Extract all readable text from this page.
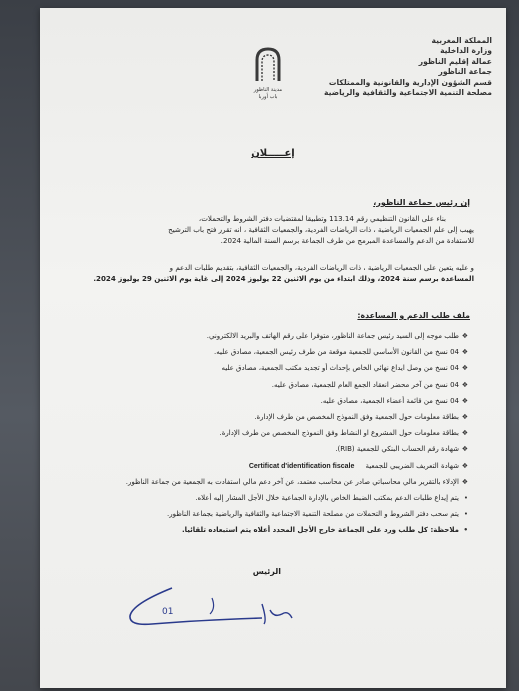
المملكة المغربية
وزارة الداخلية
عمالة إقليم الناظور
جماعة الناظور
قسم الشؤون الإدارية والقانونية والممتلكات
مصلحة التنمية الاجتماعية والثقافية والرياضية
مدينة الناظور
باب أوربا
إعـــــلان
إن رئيس جماعة الناظور،
بناء على القانون التنظيمي رقم 113.14 وتطبيقا لمقتضيات دفتر الشروط والتحملات،
يهيب إلى علم الجمعيات الرياضية ، ذات الرياضات الفردية، والجمعيات الثقافية ، انه تقرر فتح باب الترشيح
للاستفادة من الدعم والمساعدة المبرمج من طرف الجماعة برسم السنة المالية 2024.
و عليه يتعين على الجمعيات الرياضية ، ذات الرياضات الفردية، والجمعيات الثقافية، بتقديم طلبات الدعم و
المساعدة برسم سنة 2024، وذلك ابتداء من يوم الاثنين 22 يوليوز 2024 إلى غاية يوم الاثنين 29 يوليوز 2024.
ملف طلب الدعم و المساعدة:
❖طلب موجه إلى السيد رئيس جماعة الناظور، متوفرا على رقم الهاتف والبريد الالكتروني.
❖04 نسخ من القانون الأساسي للجمعية موقعة من طرف رئيس الجمعية، مصادق عليه.
❖04 نسخ من وصل ايداع نهائي الخاص بإحداث أو تجديد مكتب الجمعية، مصادق عليه
❖04 نسخ من آخر محضر انعقاد الجمع العام للجمعية، مصادق عليه.
❖04 نسخ من قائمة أعضاء الجمعية، مصادق عليه.
❖بطاقة معلومات حول الجمعية وفق النموذج المخصص من طرف الإدارة.
❖بطاقة معلومات حول المشروع او النشاط وفق النموذج المخصص من طرف الإدارة.
❖شهادة رقم الحساب البنكي للجمعية (RIB).
❖شهادة التعريف الضريبي للجمعية     Certificat d'identification fiscale
❖الإدلاء بالتقرير مالي محاسباتي صادر عن محاسب معتمد، عن آخر دعم مالي استفادت به الجمعية من جماعة الناظور.
•يتم إيداع طلبات الدعم بمكتب الضبط الخاص بالإدارة الجماعية خلال الأجل المشار إليه أعلاه.
•يتم سحب دفتر الشروط و التحملات من مصلحة التنمية الاجتماعية والثقافية والرياضية بجماعة الناظور.
•ملاحظة: كل طلب ورد على الجماعة خارج الأجل المحدد أعلاه يتم استبعاده تلقائيا.
الرئيس
01
